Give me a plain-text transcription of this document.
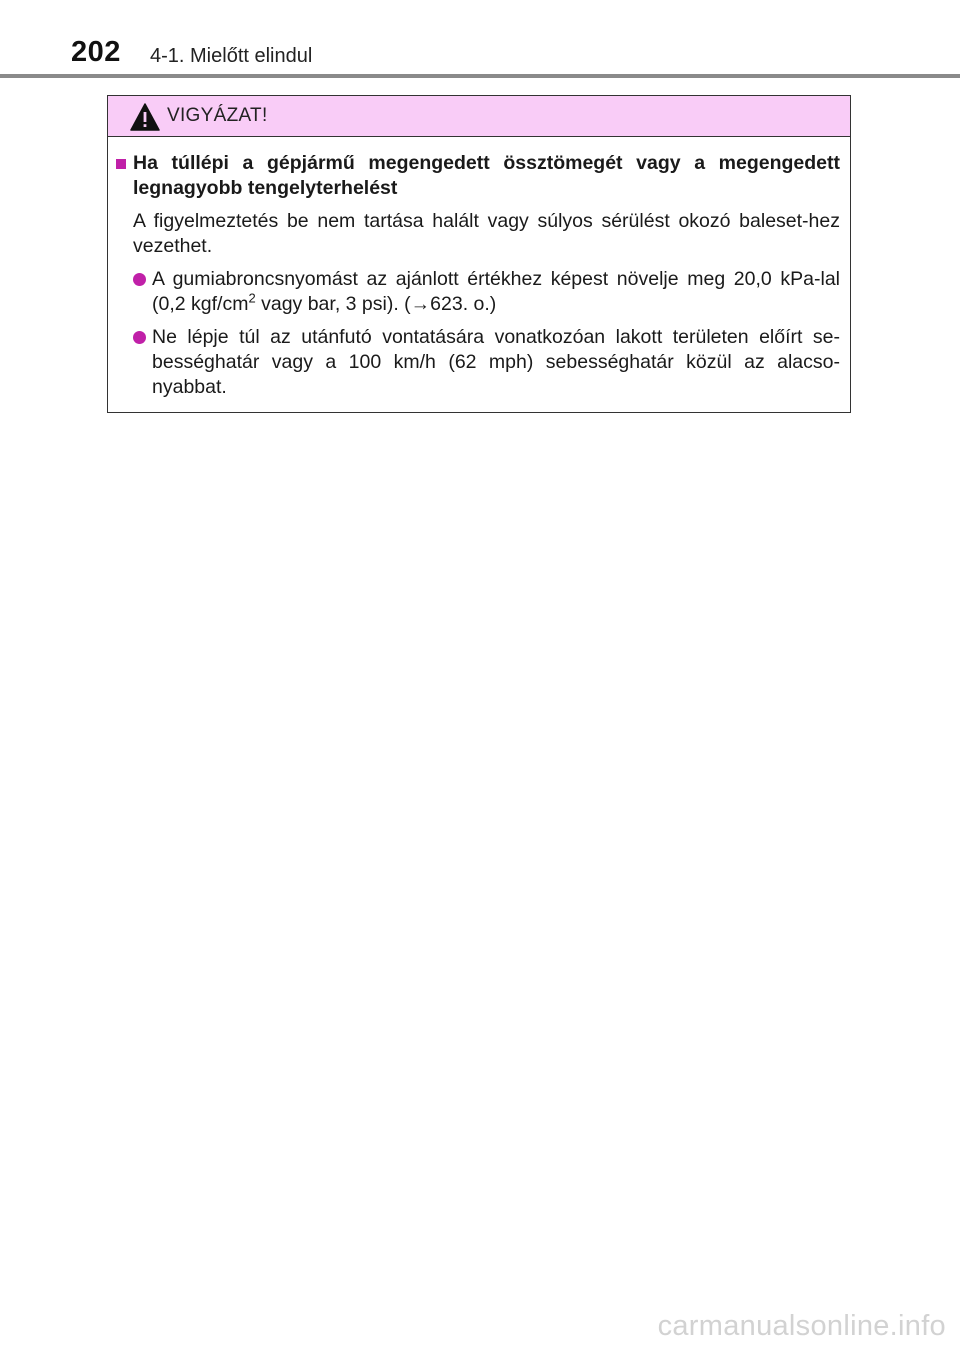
202 4-1. Mielőtt elindul
VIGYÁZAT!
Ha túllépi a gépjármű megengedett össztömegét vagy a megengedett legnagyobb tengelyterhelést
A figyelmeztetés be nem tartása halált vagy súlyos sérülést okozó baleset-hez vezethet.
A gumiabroncsnyomást az ajánlott értékhez képest növelje meg 20,0 kPa-lal (0,2 kgf/$cm^2$ vagy bar, 3 psi). (→623. o.)
Ne lépje túl az utánfutó vontatására vonatkozóan lakott területen előírt se-bességhatár vagy a 100 km/h (62 mph) sebességhatár közül az alacso-nyabbat.
carmanualsonline.info
